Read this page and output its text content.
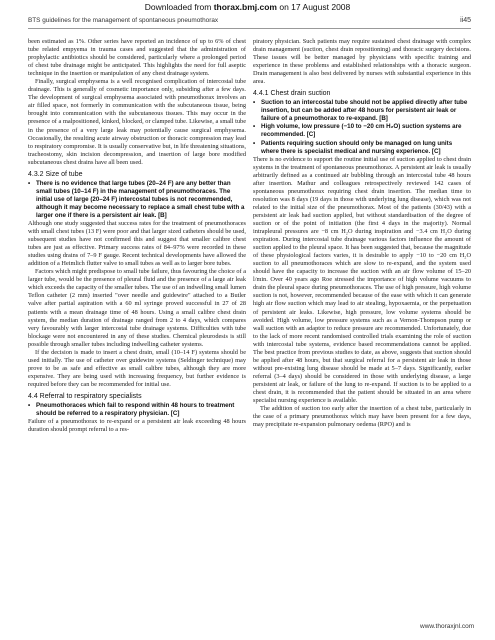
Downloaded from thorax.bmj.com on 17 August 2008
BTS guidelines for the management of spontaneous pneumothorax	ii45

been estimated as 1%. Other series have reported an incidence of up to 6% of chest tube related empyema in trauma cases and suggested that the administration of prophylactic antibiotics should be considered, particularly where a prolonged period of chest tube drainage might be anticipated. This highlights the need for full aseptic technique in the insertion or manipulation of any chest drainage system.

Finally, surgical emphysema is a well recognised complication of intercostal tube drainage. This is generally of cosmetic importance only, subsiding after a few days. The development of surgical emphysema associated with pneumothorax involves an air filled space, not formerly in communication with the subcutaneous tissue, being brought into communication with the subcutaneous tissues. This may occur in the presence of a malpositioned, kinked, blocked, or clamped tube. Likewise, a small tube in the presence of a very large leak may potentially cause surgical emphysema. Occasionally, the resulting acute airway obstruction or thoracic compression may lead to respiratory compromise. It is usually conservative but, in life threatening situations, tracheostomy, skin incision decompression, and insertion of large bore modified subcutaneous chest drains have all been used.

4.3.2 Size of tube
• There is no evidence that large tubes (20–24 F) are any better than small tubes (10–14 F) in the management of pneumothoraces. The initial use of large (20–24 F) intercostal tubes is not recommended, although it may become necessary to replace a small chest tube with a larger one if there is a persistent air leak. [B]

Although one study suggested that success rates for the treatment of pneumothoraces with small chest tubes (13 F) were poor and that larger sized catheters should be used, subsequent studies have not confirmed this and suggest that smaller calibre chest tubes are just as effective. Primary success rates of 84–97% were recorded in these studies using drains of 7–9 F gauge. Recent technical developments have allowed the addition of a Heimlich flutter valve to small tubes as well as to larger bore tubes.

Factors which might predispose to small tube failure, thus favouring the choice of a larger tube, would be the presence of pleural fluid and the presence of a large air leak which exceeds the capacity of the smaller tubes. The use of an indwelling small lumen Teflon catheter (2 mm) inserted "over needle and guidewire" attached to a Butler valve after partial aspiration with a 60 ml syringe proved successful in 27 of 28 patients with a mean drainage time of 48 hours. Using a small calibre chest drain system, the median duration of drainage ranged from 2 to 4 days, which compares very favourably with larger intercostal tube drainage systems. Difficulties with tube blockage were not encountered in any of these studies. Chemical pleurodesis is still possible through smaller tubes including indwelling catheter systems.

If the decision is made to insert a chest drain, small (10–14 F) systems should be used initially. The use of catheter over guidewire systems (Seldinger technique) may prove to be as safe and effective as small calibre tubes, although they are more expensive. They are being used with increasing frequency, but further evidence is required before they can be recommended for initial use.

4.4 Referral to respiratory specialists
• Pneumothoraces which fail to respond within 48 hours to treatment should be referred to a respiratory physician. [C]

Failure of a pneumothorax to re-expand or a persistent air leak exceeding 48 hours duration should prompt referral to a res-

piratory physician. Such patients may require sustained chest drainage with complex drain management (suction, chest drain repositioning) and thoracic surgery decisions. These issues will be better managed by physicians with specific training and experience in these problems and established relationships with a thoracic surgeon. Drain management is also best delivered by nurses with substantial experience in this area.

4.4.1 Chest drain suction
• Suction to an intercostal tube should not be applied directly after tube insertion, but can be added after 48 hours for persistent air leak or failure of a pneumothorax to re-expand. [B]
• High volume, low pressure (−10 to −20 cm H₂O) suction systems are recommended. [C]
• Patients requiring suction should only be managed on lung units where there is specialist medical and nursing experience. [C]

There is no evidence to support the routine initial use of suction applied to chest drain systems in the treatment of spontaneous pneumothorax. A persistent air leak is usually arbitrarily defined as a continued air bubbling through an intercostal tube 48 hours after insertion. Mathur and colleagues retrospectively reviewed 142 cases of spontaneous pneumothorax requiring chest drain insertion. The median time to resolution was 8 days (19 days in those with underlying lung disease), which was not related to the initial size of the pneumothorax. Most of the patients (30/43) with a persistent air leak had suction applied, but without standardisation of the degree of suction or of the point of initiation (the first 4 days in the majority). Normal intrapleural pressures are −8 cm H₂O during inspiration and −3.4 cm H₂O during expiration. During intercostal tube drainage various factors influence the amount of suction applied to the pleural space. It has been suggested that, because the magnitude of these physiological factors varies, it is desirable to apply −10 to −20 cm H₂O suction to all pneumothoraces which are slow to re-expand, and the system used should have the capacity to increase the suction with an air flow volume of 15–20 l/min. Over 40 years ago Roe stressed the importance of high volume vacuums to drain the pleural space during pneumothoraces. The use of high pressure, high volume suction is not, however, recommended because of the ease with which it can generate high air flow suction which may lead to air stealing, hypoxaemia, or the perpetuation of persistent air leaks. Likewise, high pressure, low volume systems should be avoided. High volume, low pressure systems such as a Vernon-Thompson pump or wall suction with an adaptor to reduce pressure are recommended. Unfortunately, due to the lack of more recent randomised controlled trials examining the role of suction with intercostal tube systems, evidence based recommendations cannot be applied. The best practice from previous studies to date, as above, suggests that suction should be applied after 48 hours, but that surgical referral for a persistent air leak in those without pre-existing lung disease should be made at 5–7 days. Significantly, earlier referral (3–4 days) should be considered in those with underlying disease, a large persistent air leak, or failure of the lung to re-expand. If suction is to be applied to a chest drain, it is recommended that the patient should be situated in an area where specialist nursing experience is available.

The addition of suction too early after the insertion of a chest tube, particularly in the case of a primary pneumothorax which may have been present for a few days, may precipitate re-expansion pulmonary oedema (RPO) and is

www.thoraxjnl.com
